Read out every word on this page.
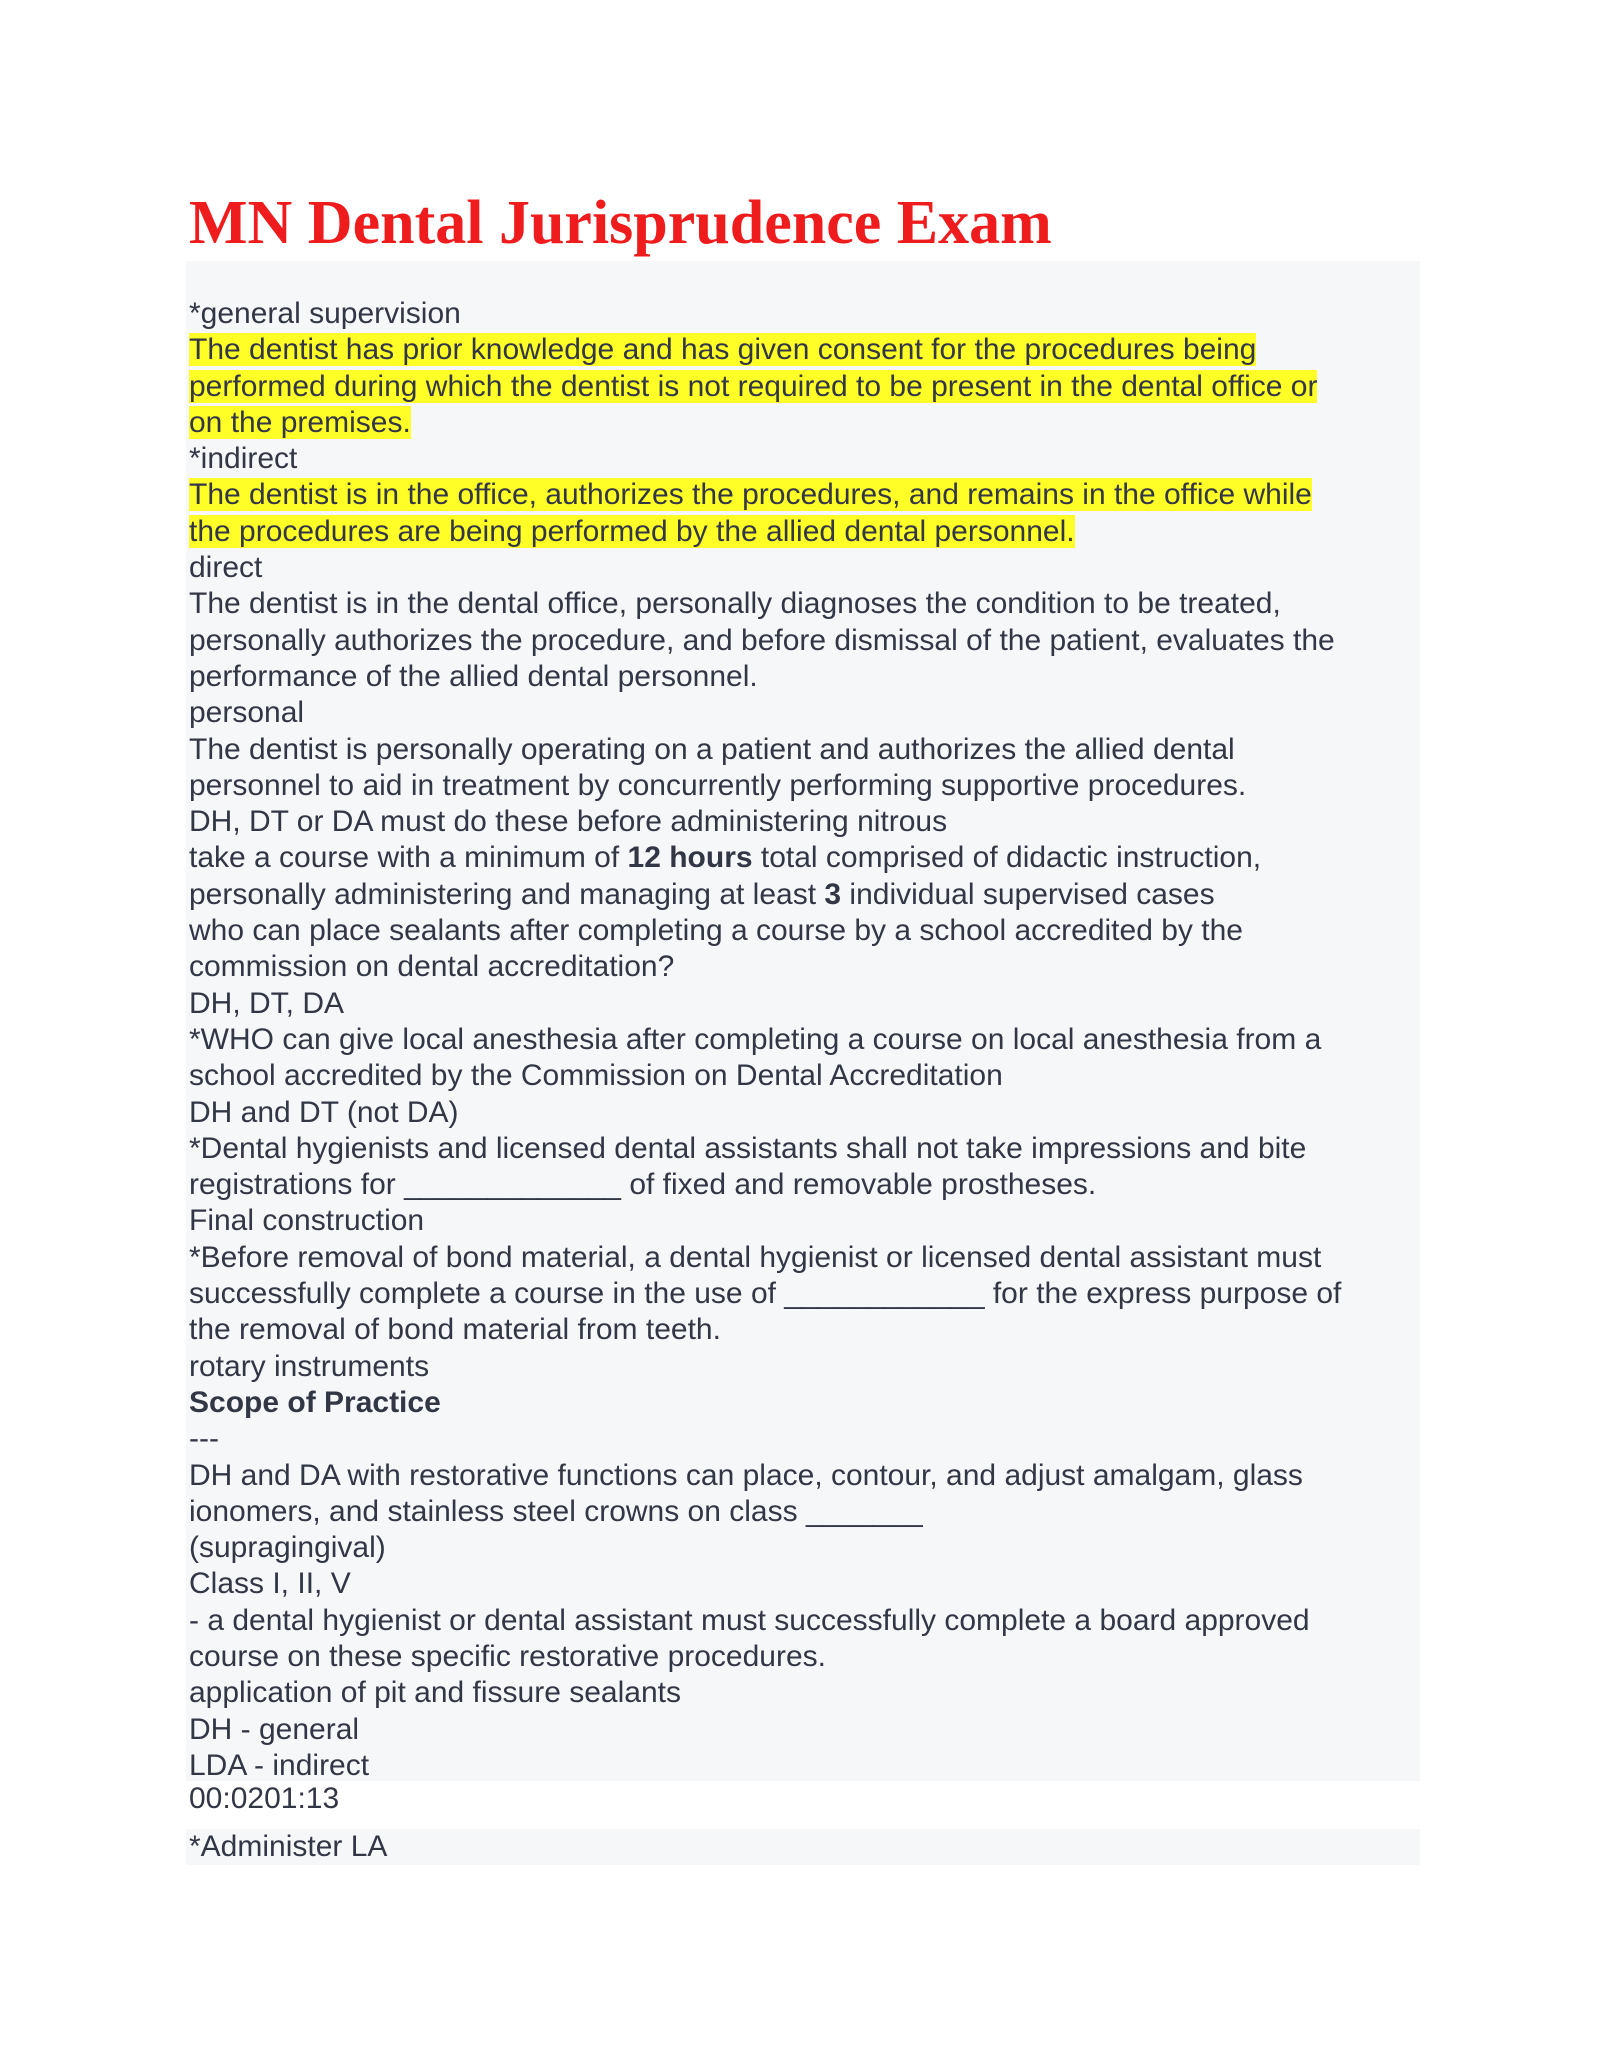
MN Dental Jurisprudence Exam
*general supervision
The dentist has prior knowledge and has given consent for the procedures being
performed during which the dentist is not required to be present in the dental office or
on the premises.
*indirect
The dentist is in the office, authorizes the procedures, and remains in the office while
the procedures are being performed by the allied dental personnel.
direct
The dentist is in the dental office, personally diagnoses the condition to be treated,
personally authorizes the procedure, and before dismissal of the patient, evaluates the
performance of the allied dental personnel.
personal
The dentist is personally operating on a patient and authorizes the allied dental
personnel to aid in treatment by concurrently performing supportive procedures.
DH, DT or DA must do these before administering nitrous
take a course with a minimum of 12 hours total comprised of didactic instruction,
personally administering and managing at least 3 individual supervised cases
who can place sealants after completing a course by a school accredited by the
commission on dental accreditation?
DH, DT, DA
*WHO can give local anesthesia after completing a course on local anesthesia from a
school accredited by the Commission on Dental Accreditation
DH and DT (not DA)
*Dental hygienists and licensed dental assistants shall not take impressions and bite
registrations for _____________ of fixed and removable prostheses.
Final construction
*Before removal of bond material, a dental hygienist or licensed dental assistant must
successfully complete a course in the use of ____________ for the express purpose of
the removal of bond material from teeth.
rotary instruments
Scope of Practice
---
DH and DA with restorative functions can place, contour, and adjust amalgam, glass
ionomers, and stainless steel crowns on class _______
(supragingival)
Class I, II, V
- a dental hygienist or dental assistant must successfully complete a board approved
course on these specific restorative procedures.
application of pit and fissure sealants
DH - general
LDA - indirect
00:0201:13
*Administer LA
